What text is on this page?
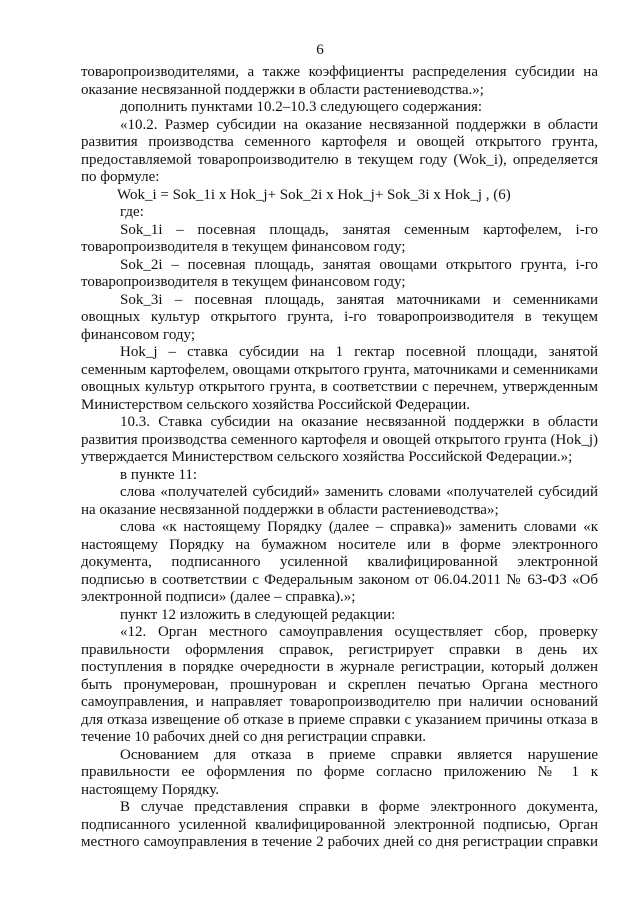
6

товаропроизводителями, а также коэффициенты распределения субсидии на оказание несвязанной поддержки в области растениеводства.»;

дополнить пунктами 10.2–10.3 следующего содержания:

«10.2. Размер субсидии на оказание несвязанной поддержки в области развития производства семенного картофеля и овощей открытого грунта, предоставляемой товаропроизводителю в текущем году (Wok_i), определяется по формуле:

Wok_i = Sok_1i x Hok_j+ Sok_2i x Hok_j+ Sok_3i x Hok_j , (6)

где:

Sok_1i – посевная площадь, занятая семенным картофелем, i-го товаропроизводителя в текущем финансовом году;

Sok_2i – посевная площадь, занятая овощами открытого грунта, i-го товаропроизводителя в текущем финансовом году;

Sok_3i – посевная площадь, занятая маточниками и семенниками овощных культур открытого грунта, i-го товаропроизводителя в текущем финансовом году;

Hok_j – ставка субсидии на 1 гектар посевной площади, занятой семенным картофелем, овощами открытого грунта, маточниками и семенниками овощных культур открытого грунта, в соответствии с перечнем, утвержденным Министерством сельского хозяйства Российской Федерации.

10.3. Ставка субсидии на оказание несвязанной поддержки в области развития производства семенного картофеля и овощей открытого грунта (Hok_j) утверждается Министерством сельского хозяйства Российской Федерации.»;

в пункте 11:

слова «получателей субсидий» заменить словами «получателей субсидий на оказание несвязанной поддержки в области растениеводства»;

слова «к настоящему Порядку (далее – справка)» заменить словами «к настоящему Порядку на бумажном носителе или в форме электронного документа, подписанного усиленной квалифицированной электронной подписью в соответствии с Федеральным законом от 06.04.2011 № 63-ФЗ «Об электронной подписи» (далее – справка).»;

пункт 12 изложить в следующей редакции:

«12. Орган местного самоуправления осуществляет сбор, проверку правильности оформления справок, регистрирует справки в день их поступления в порядке очередности в журнале регистрации, который должен быть пронумерован, прошнурован и скреплен печатью Органа местного самоуправления, и направляет товаропроизводителю при наличии оснований для отказа извещение об отказе в приеме справки с указанием причины отказа в течение 10 рабочих дней со дня регистрации справки.

Основанием для отказа в приеме справки является нарушение правильности ее оформления по форме согласно приложению № 1 к настоящему Порядку.

В случае представления справки в форме электронного документа, подписанного усиленной квалифицированной электронной подписью, Орган местного самоуправления в течение 2 рабочих дней со дня регистрации справки
